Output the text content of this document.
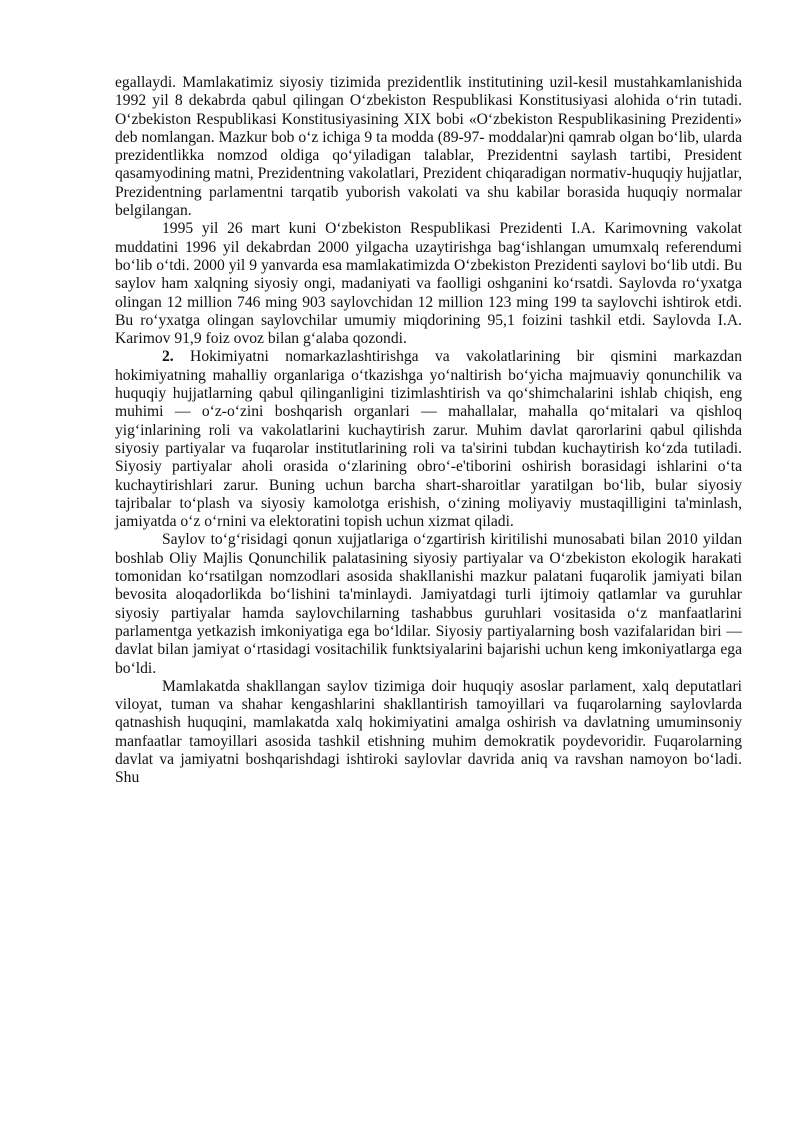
egallaydi. Mamlakatimiz siyosiy tizimida prezidentlik institutining uzil-kesil mustahkamlanishida 1992 yil 8 dekabrda qabul qilingan O‘zbekiston Respublikasi Konstitusiyasi alohida o‘rin tutadi. O‘zbekiston Respublikasi Konstitusiyasining XIX bobi «O‘zbekiston Respublikasining Prezidenti» deb nomlangan. Mazkur bob o‘z ichiga 9 ta modda (89-97- moddalar)ni qamrab olgan bo‘lib, ularda prezidentlikka nomzod oldiga qo‘yiladigan talablar, Prezidentni saylash tartibi, President qasamyodining matni, Prezidentning vakolatlari, Prezident chiqaradigan normativ-huquqiy hujjatlar, Prezidentning parlamentni tarqatib yuborish vakolati va shu kabilar borasida huquqiy normalar belgilangan.

1995 yil 26 mart kuni O‘zbekiston Respublikasi Prezidenti I.A. Karimovning vakolat muddatini 1996 yil dekabrdan 2000 yilgacha uzaytirishga bag‘ishlangan umumxalq referendumi bo‘lib o‘tdi. 2000 yil 9 yanvarda esa mamlakatimizda O‘zbekiston Prezidenti saylovi bo‘lib utdi. Bu saylov ham xalqning siyosiy ongi, madaniyati va faolligi oshganini ko‘rsatdi. Saylovda ro‘yxatga olingan 12 million 746 ming 903 saylovchidan 12 million 123 ming 199 ta saylovchi ishtirok etdi. Bu ro‘yxatga olingan saylovchilar umumiy miqdorining 95,1 foizini tashkil etdi. Saylovda I.A. Karimov 91,9 foiz ovoz bilan g‘alaba qozondi.

2. Hokimiyatni nomarkazlashtirishga va vakolatlarining bir qismini markazdan hokimiyatning mahalliy organlariga o‘tkazishga yo‘naltirish bo‘yicha majmuaviy qonunchilik va huquqiy hujjatlarning qabul qilinganligini tizimlashtirish va qo‘shimchalarini ishlab chiqish, eng muhimi — o‘z-o‘zini boshqarish organlari — mahallalar, mahalla qo‘mitalari va qishloq yig‘inlarining roli va vakolatlarini kuchaytirish zarur. Muhim davlat qarorlarini qabul qilishda siyosiy partiyalar va fuqarolar institutlarining roli va ta'sirini tubdan kuchaytirish ko‘zda tutiladi. Siyosiy partiyalar aholi orasida o‘zlarining obro‘-e'tiborini oshirish borasidagi ishlarini o‘ta kuchaytirishlari zarur. Buning uchun barcha shart-sharoitlar yaratilgan bo‘lib, bular siyosiy tajribalar to‘plash va siyosiy kamolotga erishish, o‘zining moliyaviy mustaqilligini ta'minlash, jamiyatda o‘z o‘rnini va elektoratini topish uchun xizmat qiladi.

Saylov to‘g‘risidagi qonun xujjatlariga o‘zgartirish kiritilishi munosabati bilan 2010 yildan boshlab Oliy Majlis Qonunchilik palatasining siyosiy partiyalar va O‘zbekiston ekologik harakati tomonidan ko‘rsatilgan nomzodlari asosida shakllanishi mazkur palatani fuqarolik jamiyati bilan bevosita aloqadorlikda bo‘lishini ta'minlaydi. Jamiyatdagi turli ijtimoiy qatlamlar va guruhlar siyosiy partiyalar hamda saylovchilarning tashabbus guruhlari vositasida o‘z manfaatlarini parlamentga yetkazish imkoniyatiga ega bo‘ldilar. Siyosiy partiyalarning bosh vazifalaridan biri — davlat bilan jamiyat o‘rtasidagi vositachilik funktsiyalarini bajarishi uchun keng imkoniyatlarga ega bo‘ldi.

Mamlakatda shakllangan saylov tizimiga doir huquqiy asoslar parlament, xalq deputatlari viloyat, tuman va shahar kengashlarini shakllantirish tamoyillari va fuqarolarning saylovlarda qatnashish huquqini, mamlakatda xalq hokimiyatini amalga oshirish va davlatning umuminsoniy manfaatlar tamoyillari asosida tashkil etishning muhim demokratik poydevoridir. Fuqarolarning davlat va jamiyatni boshqarishdagi ishtiroki saylovlar davrida aniq va ravshan namoyon bo‘ladi. Shu
